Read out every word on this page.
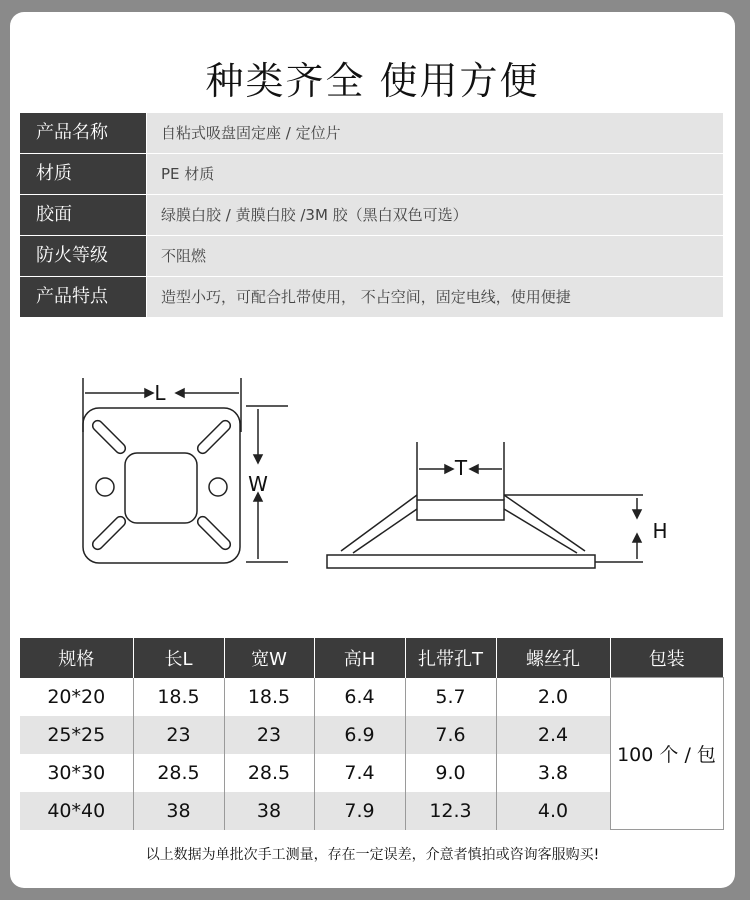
种类齐全 使用方便
产品名称	自粘式吸盘固定座 / 定位片
材质	PE 材质
胶面	绿膜白胶 / 黄膜白胶 /3M 胶（黑白双色可选）
防火等级	不阻燃
产品特点	造型小巧，可配合扎带使用， 不占空间，固定电线，使用便捷
L
W
T
H
规格	长L	宽W	高H	扎带孔T	螺丝孔	包装
20*20	18.5	18.5	6.4	5.7	2.0	100 个 / 包
25*25	23	23	6.9	7.6	2.4	
30*30	28.5	28.5	7.4	9.0	3.8	
40*40	38	38	7.9	12.3	4.0	
以上数据为单批次手工测量，存在一定误差，介意者慎拍或咨询客服购买!
